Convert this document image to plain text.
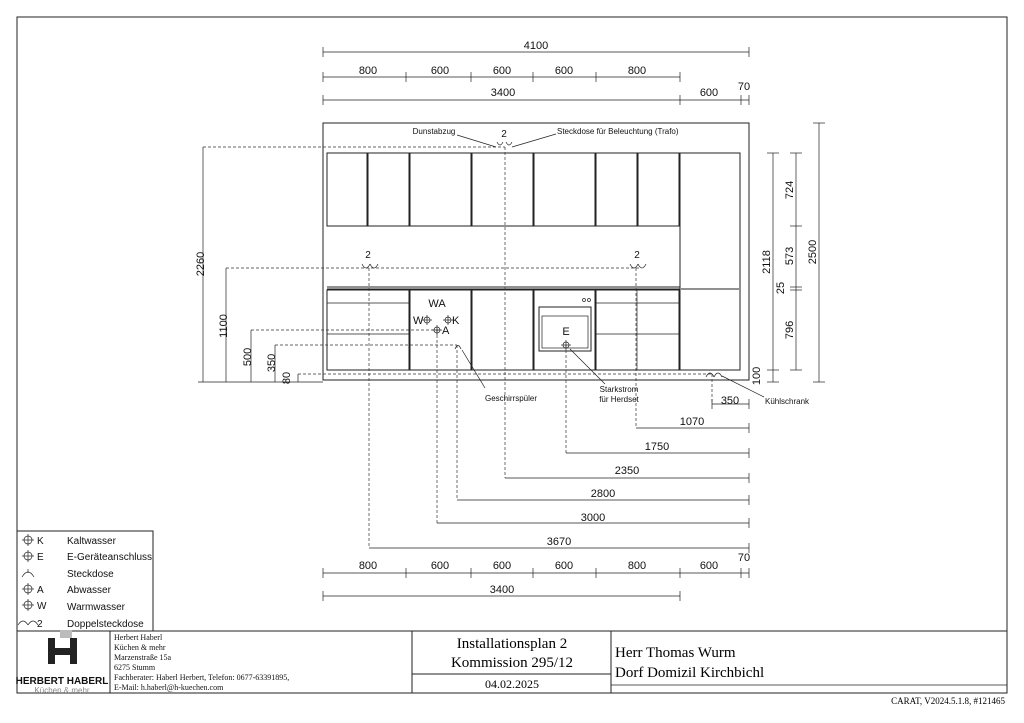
4100
800	600	600	600	800
3400	600 70
Dunstabzug	2	Steckdose für Beleuchtung (Trafo)
2	2
WA
W	K
A
Geschirrspüler
E
Starkstrom
für Herdset	Kühlschrank
2260
1100
500 350
80
724
573
25
796
2118	2500
100
350
1070
1750
2350
2800
3000
3670
70
800	600	600	600	800	600
3400
K Kaltwasser
E E-Geräteanschluss
Steckdose
A Abwasser
W Warmwasser
2 Doppelsteckdose
HERBERT HABERL
Küchen & mehr
Herbert Haberl
Küchen & mehr
Marzenstraße 15a
6275 Stumm
Fachberater: Haberl Herbert, Telefon: 0677-63391895,
E-Mail: h.haberl@h-kuechen.com
Installationsplan 2
Kommission 295/12
04.02.2025
Herr Thomas Wurm
Dorf Domizil Kirchbichl
CARAT, V2024.5.1.8, #121465
